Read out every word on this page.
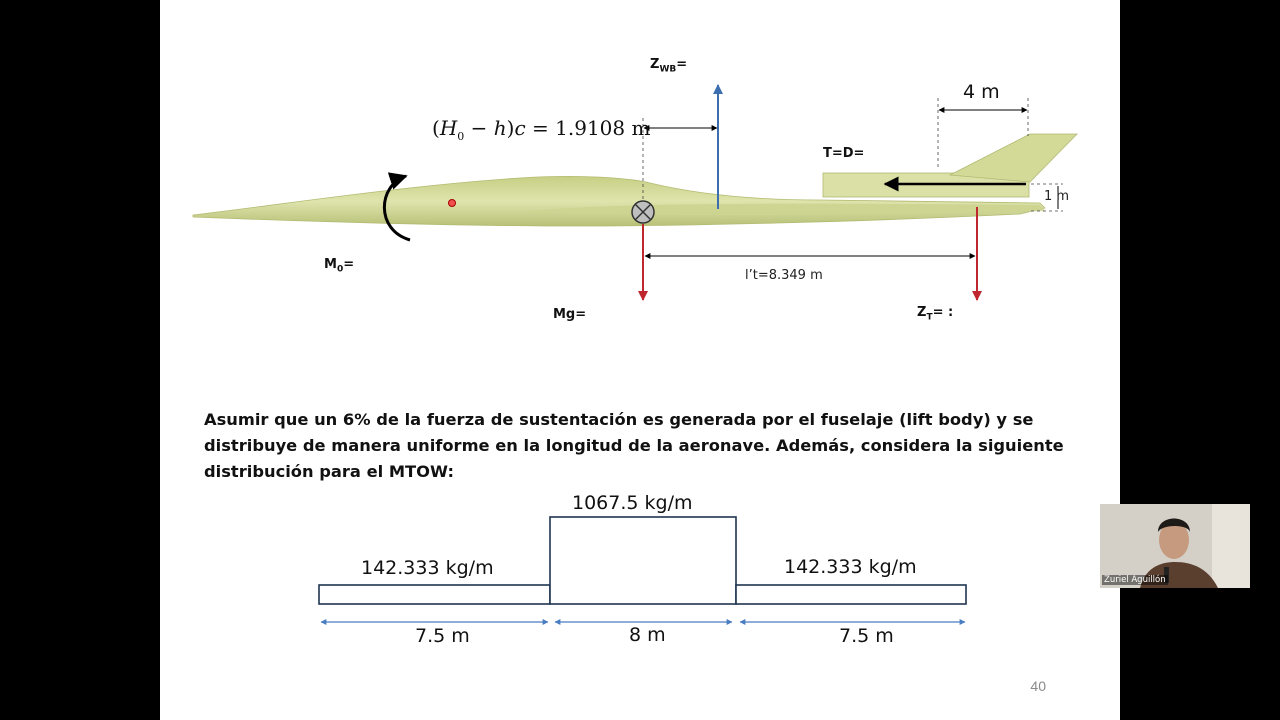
$Z_{WB}=$
4 m
$(H_0 - h)c = 1.9108$ m
T=D=
1 m
$M_0=$
l’t=8.349 m
Mg=	$Z_T=$ :
Asumir que un 6% de la fuerza de sustentación es generada por el fuselaje (lift body) y se distribuye de manera uniforme en la longitud de la aeronave. Además, considera la siguiente distribución para el MTOW:
142.333 kg/m
1067.5 kg/m
142.333 kg/m
7.5 m	8 m	7.5 m
40
Zuriel Aguillón
